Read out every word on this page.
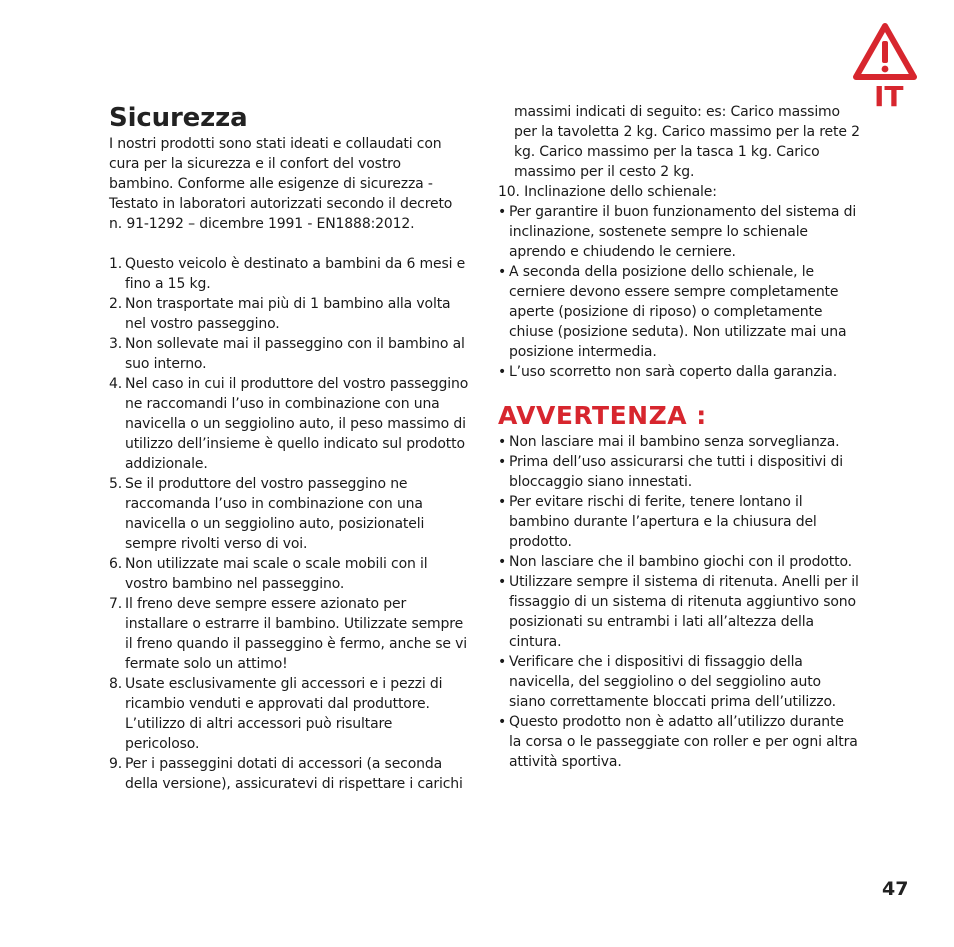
IT
Sicurezza

I nostri prodotti sono stati ideati e collaudati con cura per la sicurezza e il confort del vostro bambino. Conforme alle esigenze di sicurezza - Testato in laboratori autorizzati secondo il decreto n. 91-1292 – dicembre 1991 - EN1888:2012.

1. Questo veicolo è destinato a bambini da 6 mesi e fino a 15 kg.
2. Non trasportate mai più di 1 bambino alla volta nel vostro passeggino.
3. Non sollevate mai il passeggino con il bambino al suo interno.
4. Nel caso in cui il produttore del vostro passeggino ne raccomandi l’uso in combinazione con una navicella o un seggiolino auto, il peso massimo di utilizzo dell’insieme è quello indicato sul prodotto addizionale.
5. Se il produttore del vostro passeggino ne raccomanda l’uso in combinazione con una navicella o un seggiolino auto, posizionateli sempre rivolti verso di voi.
6. Non utilizzate mai scale o scale mobili con il vostro bambino nel passeggino.
7. Il freno deve sempre essere azionato per installare o estrarre il bambino. Utilizzate sempre il freno quando il passeggino è fermo, anche se vi fermate solo un attimo!
8. Usate esclusivamente gli accessori e i pezzi di ricambio venduti e approvati dal produttore. L’utilizzo di altri accessori può risultare pericoloso.
9. Per i passeggini dotati di accessori (a seconda della versione), assicuratevi di rispettare i carichi

massimi indicati di seguito: es: Carico massimo per la tavoletta 2 kg. Carico massimo per la rete 2 kg. Carico massimo per la tasca 1 kg. Carico massimo per il cesto 2 kg.

10. Inclinazione dello schienale:
• Per garantire il buon funzionamento del sistema di inclinazione, sostenete sempre lo schienale aprendo e chiudendo le cerniere.
• A seconda della posizione dello schienale, le cerniere devono essere sempre completamente aperte (posizione di riposo) o completamente chiuse (posizione seduta). Non utilizzate mai una posizione intermedia.
• L’uso scorretto non sarà coperto dalla garanzia.
AVVERTENZA :
• Non lasciare mai il bambino senza sorveglianza.
• Prima dell’uso assicurarsi che tutti i dispositivi di bloccaggio siano innestati.
• Per evitare rischi di ferite, tenere lontano il bambino durante l’apertura e la chiusura del prodotto.
• Non lasciare che il bambino giochi con il prodotto.
• Utilizzare sempre il sistema di ritenuta. Anelli per il fissaggio di un sistema di ritenuta aggiuntivo sono posizionati su entrambi i lati all’altezza della cintura.
• Verificare che i dispositivi di fissaggio della navicella, del seggiolino o del seggiolino auto siano correttamente bloccati prima dell’utilizzo.
• Questo prodotto non è adatto all’utilizzo durante la corsa o le passeggiate con roller e per ogni altra attività sportiva.
47
